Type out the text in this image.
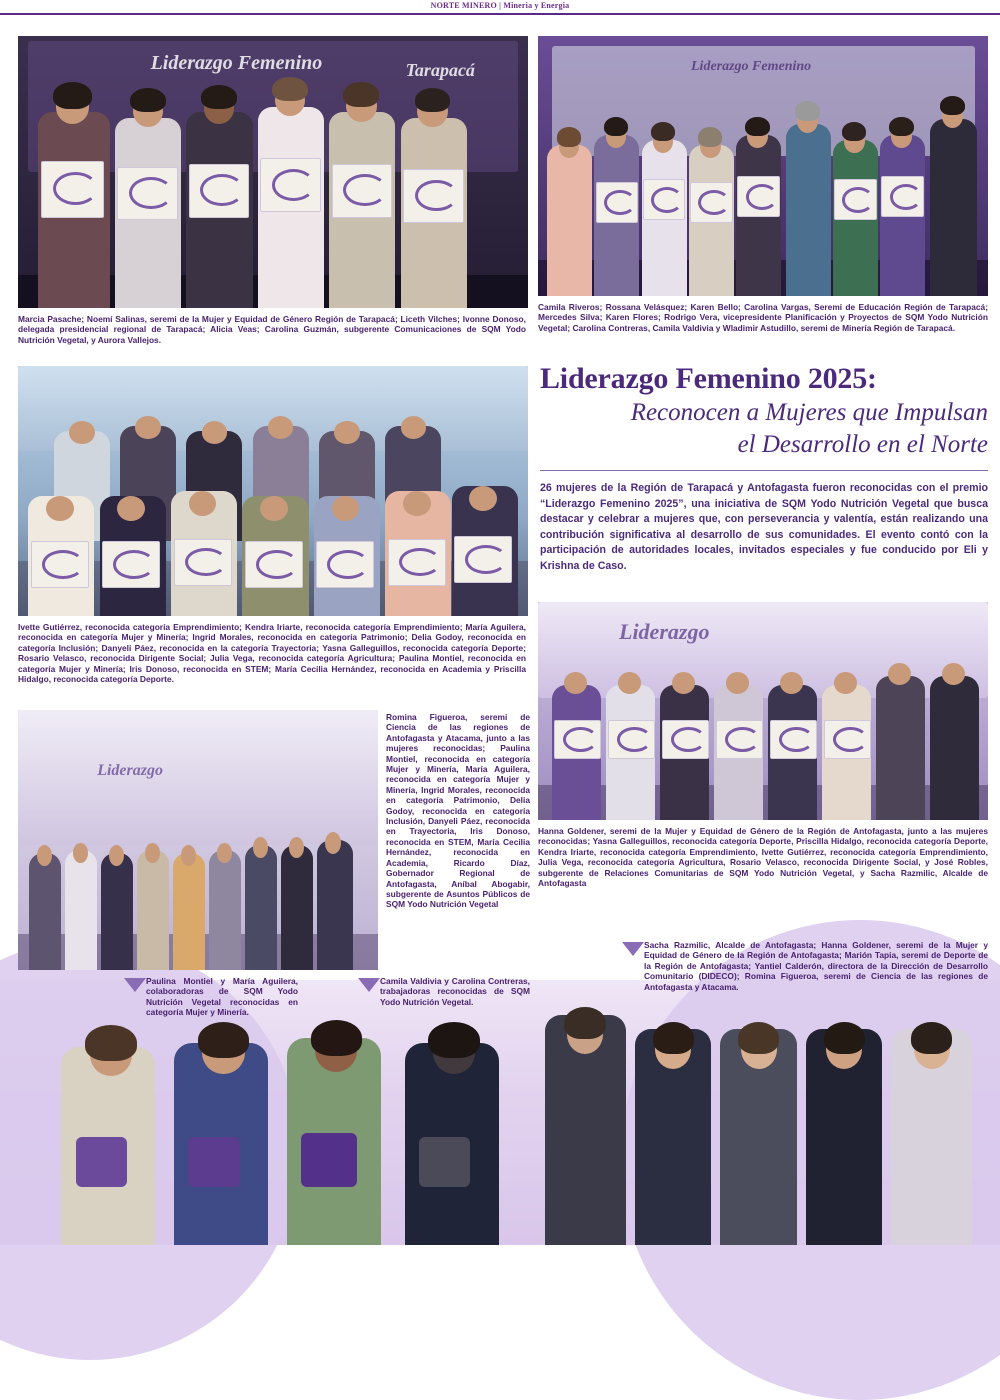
NORTE MINERO | Mineria y Energia
Liderazgo Femenino	Tarapacá
Marcia Pasache; Noemí Salinas, seremi de la Mujer y Equidad de Género Región de Tarapacá; Liceth Vilches; Ivonne Donoso, delegada presidencial regional de Tarapacá; Alicia Veas; Carolina Guzmán, subgerente Comunicaciones de SQM Yodo Nutrición Vegetal, y Aurora Vallejos.
Liderazgo Femenino
Camila Riveros; Rossana Velásquez; Karen Bello; Carolina Vargas, Seremi de Educación Región de Tarapacá; Mercedes Silva; Karen Flores; Rodrigo Vera, vicepresidente Planificación y Proyectos de SQM Yodo Nutrición Vegetal; Carolina Contreras, Camila Valdivia y Wladimir Astudillo, seremi de Minería Región de Tarapacá.
Ivette Gutiérrez, reconocida categoría Emprendimiento; Kendra Iriarte, reconocida categoría Emprendimiento; María Aguilera, reconocida en categoría Mujer y Minería; Ingrid Morales, reconocida en categoría Patrimonio; Delia Godoy, reconocida en categoría Inclusión; Danyeli Páez, reconocida en la categoría Trayectoria; Yasna Galleguillos, reconocida categoría Deporte; Rosario Velasco, reconocida Dirigente Social; Julia Vega, reconocida categoría Agricultura; Paulina Montiel, reconocida en categoría Mujer y Minería; Iris Donoso, reconocida en STEM; María Cecilia Hernández, reconocida en Academia y Priscilla Hidalgo, reconocida categoría Deporte.
Liderazgo Femenino 2025:
Reconocen a Mujeres que Impulsan
el Desarrollo en el Norte
26 mujeres de la Región de Tarapacá y Antofagasta fueron reconocidas con el premio “Liderazgo Femenino 2025”, una iniciativa de SQM Yodo Nutrición Vegetal que busca destacar y celebrar a mujeres que, con perseverancia y valentía, están realizando una contribución significativa al desarrollo de sus comunidades. El evento contó con la participación de autoridades locales, invitados especiales y fue conducido por Eli y Krishna de Caso.
Liderazgo
Hanna Goldener, seremi de la Mujer y Equidad de Género de la Región de Antofagasta, junto a las mujeres reconocidas; Yasna Galleguillos, reconocida categoría Deporte, Priscilla Hidalgo, reconocida categoría Deporte, Kendra Iriarte, reconocida categoría Emprendimiento, Ivette Gutiérrez, reconocida categoría Emprendimiento, Julia Vega, reconocida categoría Agricultura, Rosario Velasco, reconocida Dirigente Social, y José Robles, subgerente de Relaciones Comunitarias de SQM Yodo Nutrición Vegetal, y Sacha Razmilic, Alcalde de Antofagasta
Liderazgo
Romina Figueroa, seremi de Ciencia de las regiones de Antofagasta y Atacama, junto a las mujeres reconocidas; Paulina Montiel, reconocida en categoría Mujer y Minería, María Aguilera, reconocida en categoría Mujer y Minería, Ingrid Morales, reconocida en categoría Patrimonio, Delia Godoy, reconocida en categoría Inclusión, Danyeli Páez, reconocida en Trayectoria, Iris Donoso, reconocida en STEM, María Cecilia Hernández, reconocida en Academia, Ricardo Díaz, Gobernador Regional de Antofagasta, Aníbal Abogabir, subgerente de Asuntos Públicos de SQM Yodo Nutrición Vegetal
Paulina Montiel y María Aguilera, colaboradoras de SQM Yodo Nutrición Vegetal reconocidas en categoría Mujer y Minería.
Camila Valdivia y Carolina Contreras, trabajadoras reconocidas de SQM Yodo Nutrición Vegetal.
Sacha Razmilic, Alcalde de Antofagasta; Hanna Goldener, seremi de la Mujer y Equidad de Género de la Región de Antofagasta; Marión Tapia, seremi de Deporte de la Región de Antofagasta; Yantiel Calderón, directora de la Dirección de Desarrollo Comunitario (DIDECO); Romina Figueroa, seremi de Ciencia de las regiones de Antofagasta y Atacama.
